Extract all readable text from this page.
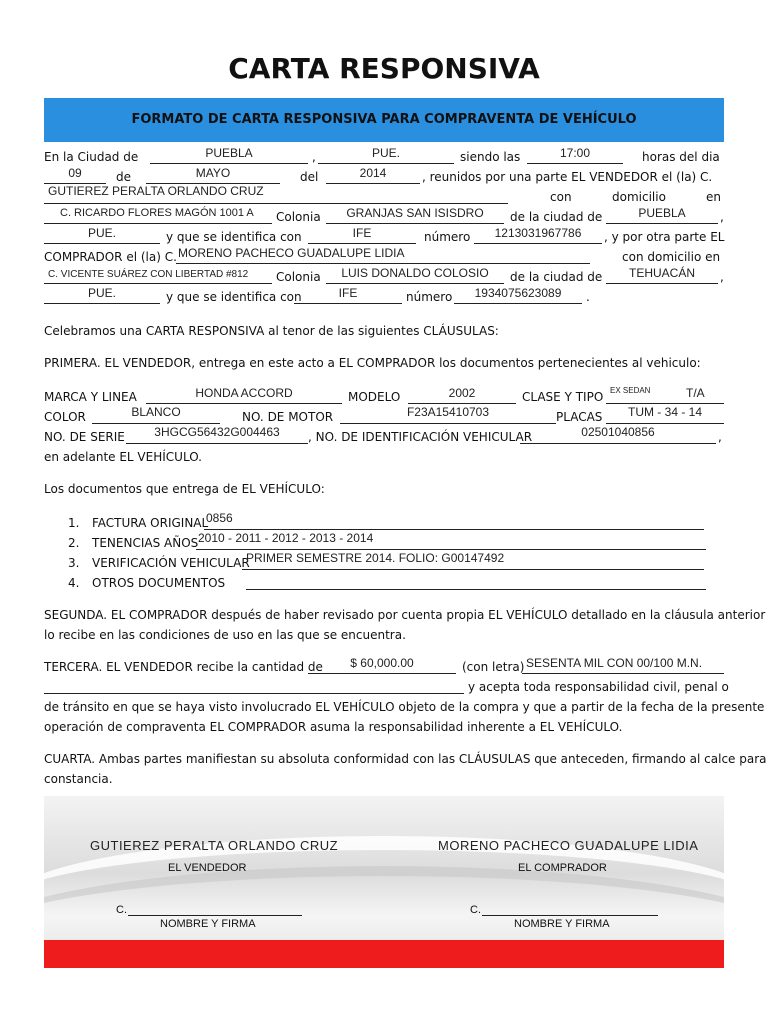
CARTA RESPONSIVA
FORMATO DE CARTA RESPONSIVA PARA COMPRAVENTA DE VEHÍCULO
En la Ciudad de	PUEBLA	,	PUE.	siendo las	17:00	horas del dia
09	de	MAYO	del	2014	, reunidos por una parte EL VENDEDOR el (la) C.
GUTIEREZ PERALTA ORLANDO CRUZ	con	domicilio	en
C. RICARDO FLORES MAGÓN 1001 A Colonia	GRANJAS SAN ISISDRO	de la ciudad de	PUEBLA	,
PUE.	y que se identifica con	IFE	número	1213031967786	, y por otra parte EL
COMPRADOR el (la) C. MORENO PACHECO GUADALUPE LIDIA	con domicilio en
C. VICENTE SUÁREZ CON LIBERTAD #812 Colonia	LUIS DONALDO COLOSIO	de la ciudad de	TEHUACÁN	,
PUE.	y que se identifica con	IFE	número	1934075623089	.
Celebramos una CARTA RESPONSIVA al tenor de las siguientes CLÁUSULAS:
PRIMERA. EL VENDEDOR, entrega en este acto a EL COMPRADOR los documentos pertenecientes al vehiculo:
MARCA Y LINEA	HONDA ACCORD	MODELO	2002	CLASE Y TIPO EX SEDAN	T/A
COLOR	BLANCO	NO. DE MOTOR	F23A15410703	PLACAS	TUM - 34 - 14
NO. DE SERIE	3HGCG56432G004463	, NO. DE IDENTIFICACIÓN VEHICULAR	02501040856	,
en adelante EL VEHÍCULO.
Los documentos que entrega de EL VEHÍCULO:
1. FACTURA ORIGINAL
0856
2. TENENCIAS AÑOS 2010 - 2011 - 2012 - 2013 - 2014
3. VERIFICACIÓN VEHICULAR
PRIMER SEMESTRE 2014. FOLIO: G00147492
4. OTROS DOCUMENTOS
SEGUNDA. EL COMPRADOR después de haber revisado por cuenta propia EL VEHÍCULO detallado en la cláusula anterior
lo recibe en las condiciones de uso en las que se encuentra.
TERCERA. EL VENDEDOR recibe la cantidad de	$ 60,000.00	(con letra) SESENTA MIL CON 00/100 M.N.
y acepta toda responsabilidad civil, penal o
de tránsito en que se haya visto involucrado EL VEHÍCULO objeto de la compra y que a partir de la fecha de la presente
operación de compraventa EL COMPRADOR asuma la responsabilidad inherente a EL VEHÍCULO.
CUARTA. Ambas partes manifiestan su absoluta conformidad con las CLÁUSULAS que anteceden, firmando al calce para
constancia.
GUTIEREZ PERALTA ORLANDO CRUZ
EL VENDEDOR
MORENO PACHECO GUADALUPE LIDIA
EL COMPRADOR
C.
NOMBRE Y FIRMA
C.
NOMBRE Y FIRMA
